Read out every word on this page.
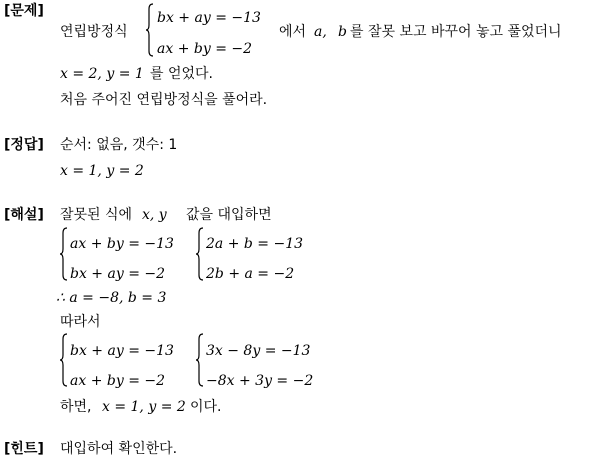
[문제]
연립방정식
bx + ay = −13
ax + by = −2
에서 a, b 를 잘못 보고 바꾸어 놓고 풀었더니
x = 2, y = 1 를 얻었다.
처음 주어진 연립방정식을 풀어라.
[정답] 순서: 없음, 갯수: 1
x = 1, y = 2
[해설] 잘못된 식에 x, y 값을 대입하면
ax + by = −13
bx + ay = −2
2a + b = −13
2b + a = −2
∴ a = −8, b = 3
따라서
bx + ay = −13
ax + by = −2
3x − 8y = −13
−8x + 3y = −2
하면, x = 1, y = 2 이다.
[힌트] 대입하여 확인한다.
